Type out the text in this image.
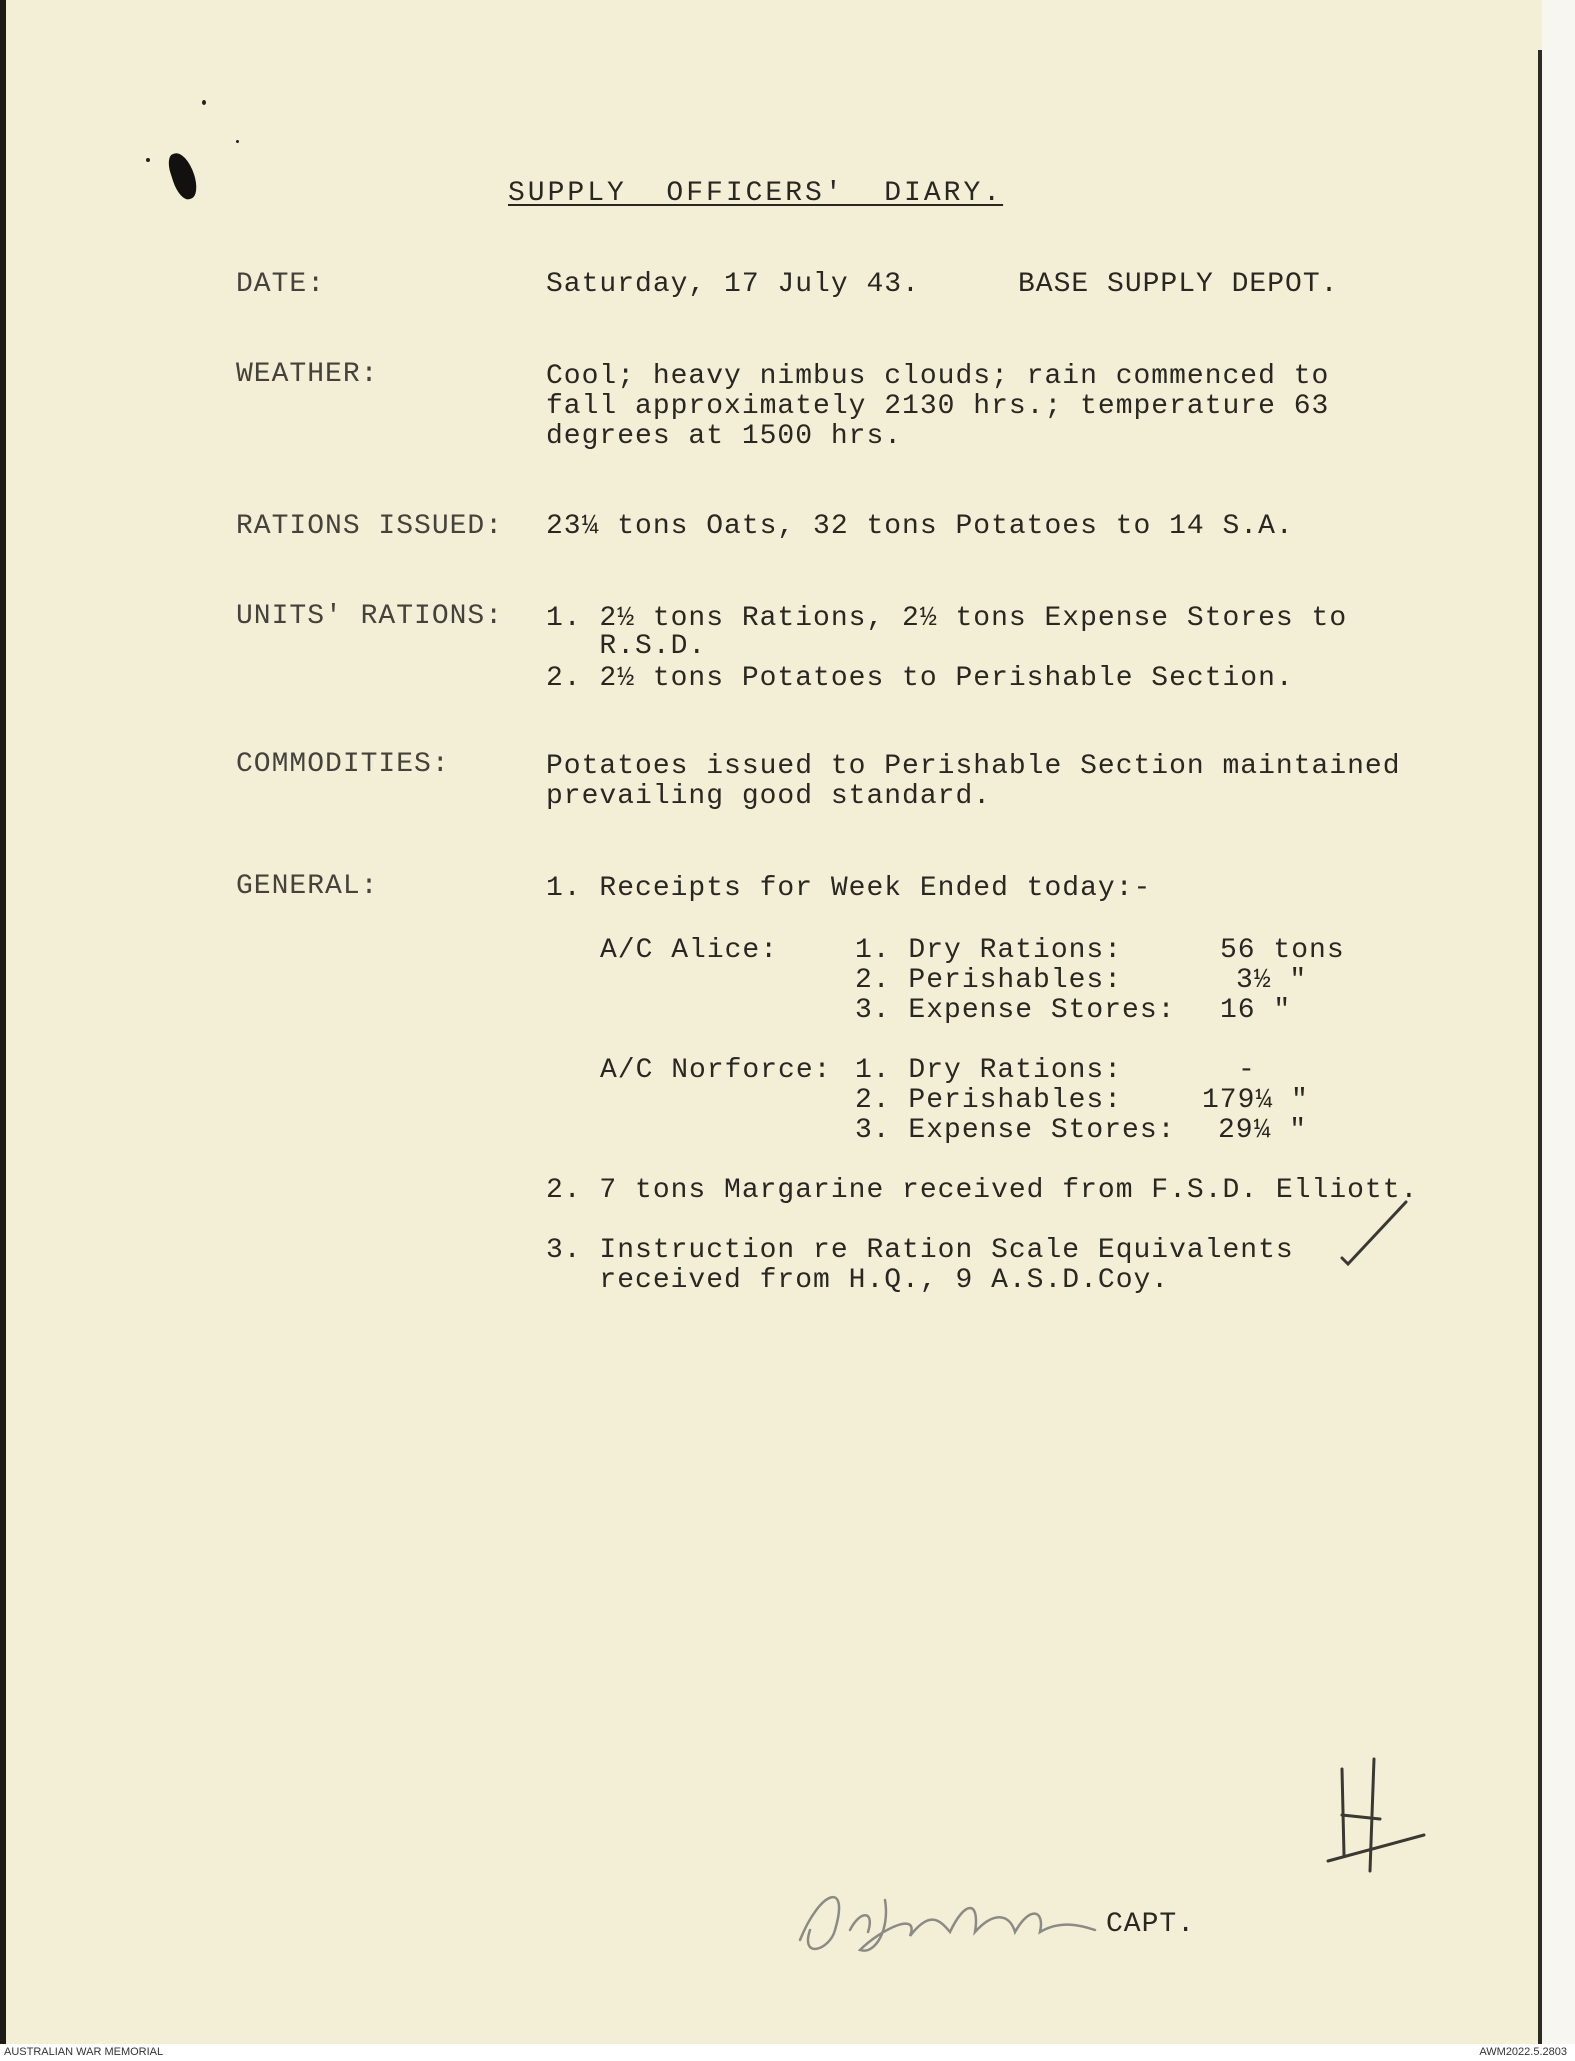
SUPPLY  OFFICERS'  DIARY.
DATE:	Saturday, 17 July 43.	BASE SUPPLY DEPOT.
WEATHER:	Cool; heavy nimbus clouds; rain commenced to
fall approximately 2130 hrs.; temperature 63
degrees at 1500 hrs.
RATIONS ISSUED: 23¼ tons Oats, 32 tons Potatoes to 14 S.A.
UNITS' RATIONS: 1. 2½ tons Rations, 2½ tons Expense Stores to
R.S.D.
2. 2½ tons Potatoes to Perishable Section.
COMMODITIES:	Potatoes issued to Perishable Section maintained
prevailing good standard.
GENERAL:	1. Receipts for Week Ended today:-
A/C Alice:	1. Dry Rations:	56 tons
2. Perishables:	3½ "
3. Expense Stores: 16 "
A/C Norforce: 1. Dry Rations:	-
2. Perishables:	179¼ "
3. Expense Stores: 29¼ "
2. 7 tons Margarine received from F.S.D. Elliott.
3. Instruction re Ration Scale Equivalents
received from H.Q., 9 A.S.D.Coy.
CAPT.
AUSTRALIAN WAR MEMORIAL	AWM2022.5.2803
